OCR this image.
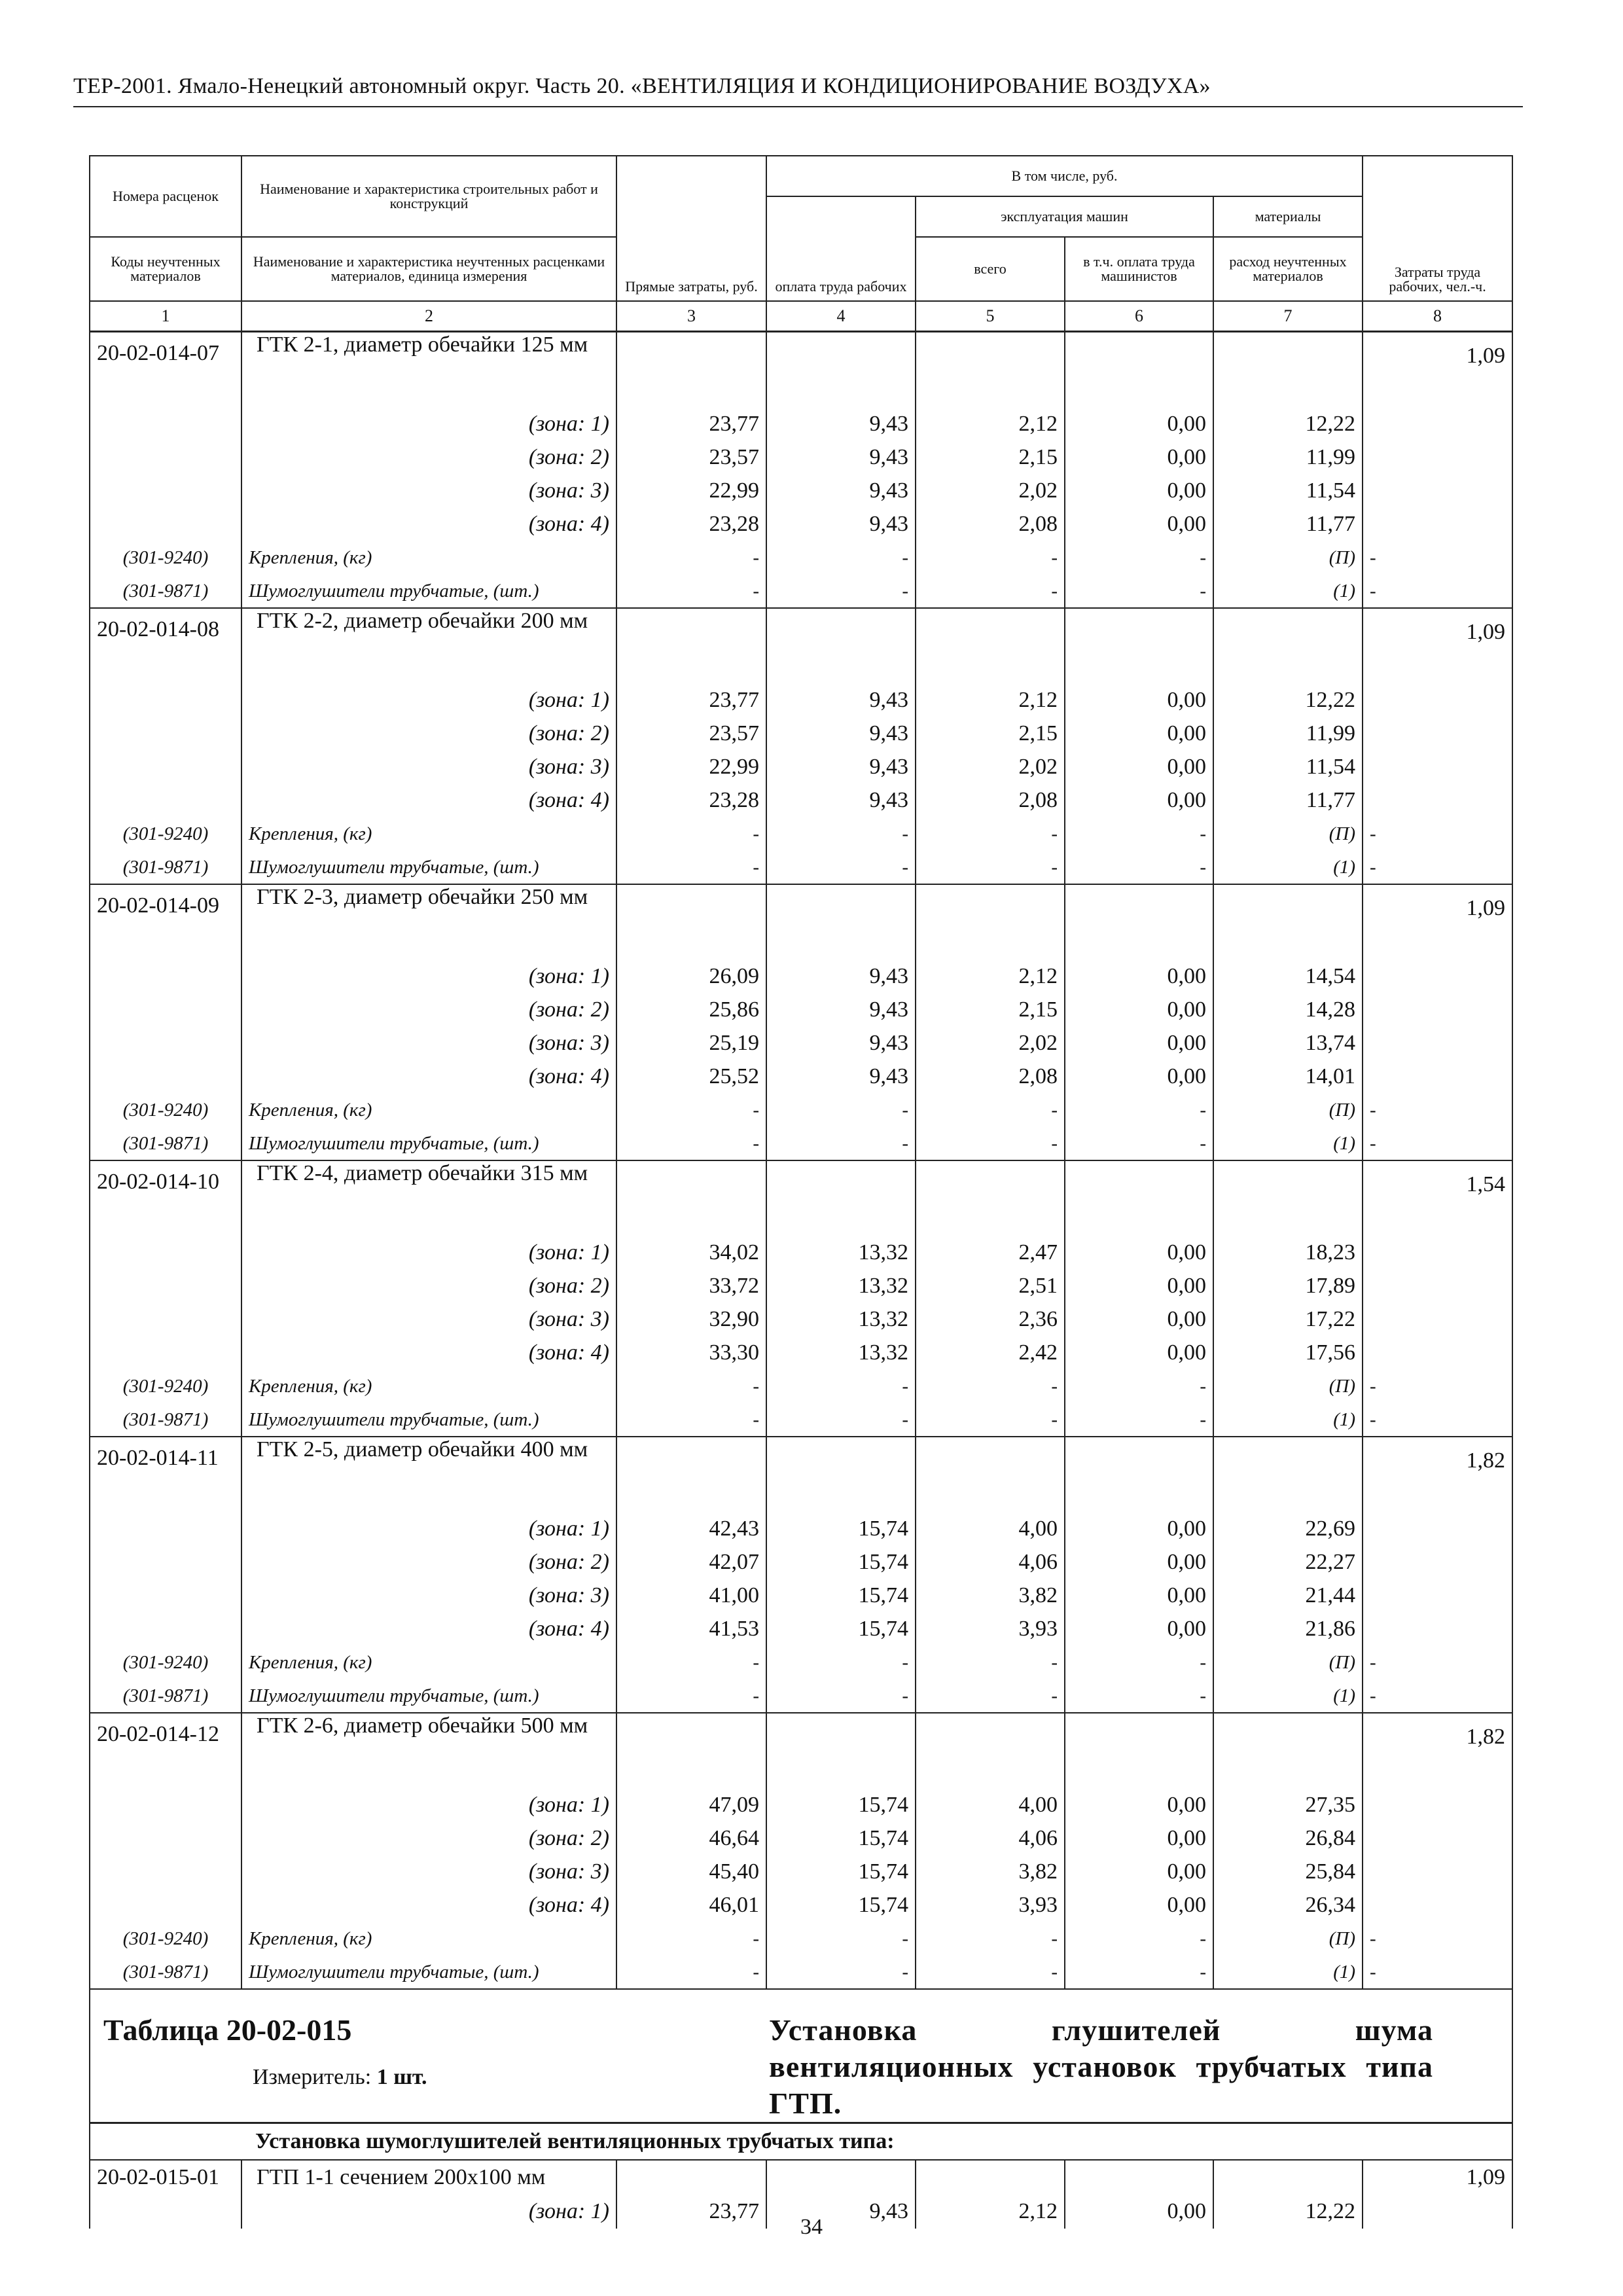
ТЕР-2001. Ямало-Ненецкий автономный округ. Часть 20. «ВЕНТИЛЯЦИЯ И КОНДИЦИОНИРОВАНИЕ ВОЗДУХА»
Номера расценок	Наименование и характеристика строительных работ и конструкций	Прямые затраты, руб.	В том числе, руб.				Затраты труда рабочих, чел.-ч.
			оплата труда рабочих	эксплуатация машин		материалы	
Коды неучтенных материалов	Наименование и характеристика неучтенных расценками материалов, единица измерения			всего	в т.ч. оплата труда машинистов	расход неучтенных материалов	
1	2	3	4	5	6	7	8
20-02-014-07	ГТК 2-1, диаметр обечайки 125 мм						1,09
	(зона: 1)	23,77	9,43	2,12	0,00	12,22	
	(зона: 2)	23,57	9,43	2,15	0,00	11,99	
	(зона: 3)	22,99	9,43	2,02	0,00	11,54	
	(зона: 4)	23,28	9,43	2,08	0,00	11,77	
(301-9240)	Крепления, (кг)	-	-	-	-	(П)	-
(301-9871)	Шумоглушители трубчатые, (шт.)	-	-	-	-	(1)	-
20-02-014-08	ГТК 2-2, диаметр обечайки 200 мм						1,09
	(зона: 1)	23,77	9,43	2,12	0,00	12,22	
	(зона: 2)	23,57	9,43	2,15	0,00	11,99	
	(зона: 3)	22,99	9,43	2,02	0,00	11,54	
	(зона: 4)	23,28	9,43	2,08	0,00	11,77	
(301-9240)	Крепления, (кг)	-	-	-	-	(П)	-
(301-9871)	Шумоглушители трубчатые, (шт.)	-	-	-	-	(1)	-
20-02-014-09	ГТК 2-3, диаметр обечайки 250 мм						1,09
	(зона: 1)	26,09	9,43	2,12	0,00	14,54	
	(зона: 2)	25,86	9,43	2,15	0,00	14,28	
	(зона: 3)	25,19	9,43	2,02	0,00	13,74	
	(зона: 4)	25,52	9,43	2,08	0,00	14,01	
(301-9240)	Крепления, (кг)	-	-	-	-	(П)	-
(301-9871)	Шумоглушители трубчатые, (шт.)	-	-	-	-	(1)	-
20-02-014-10	ГТК 2-4, диаметр обечайки 315 мм						1,54
	(зона: 1)	34,02	13,32	2,47	0,00	18,23	
	(зона: 2)	33,72	13,32	2,51	0,00	17,89	
	(зона: 3)	32,90	13,32	2,36	0,00	17,22	
	(зона: 4)	33,30	13,32	2,42	0,00	17,56	
(301-9240)	Крепления, (кг)	-	-	-	-	(П)	-
(301-9871)	Шумоглушители трубчатые, (шт.)	-	-	-	-	(1)	-
20-02-014-11	ГТК 2-5, диаметр обечайки 400 мм						1,82
	(зона: 1)	42,43	15,74	4,00	0,00	22,69	
	(зона: 2)	42,07	15,74	4,06	0,00	22,27	
	(зона: 3)	41,00	15,74	3,82	0,00	21,44	
	(зона: 4)	41,53	15,74	3,93	0,00	21,86	
(301-9240)	Крепления, (кг)	-	-	-	-	(П)	-
(301-9871)	Шумоглушители трубчатые, (шт.)	-	-	-	-	(1)	-
20-02-014-12	ГТК 2-6, диаметр обечайки 500 мм						1,82
	(зона: 1)	47,09	15,74	4,00	0,00	27,35	
	(зона: 2)	46,64	15,74	4,06	0,00	26,84	
	(зона: 3)	45,40	15,74	3,82	0,00	25,84	
	(зона: 4)	46,01	15,74	3,93	0,00	26,34	
(301-9240)	Крепления, (кг)	-	-	-	-	(П)	-
(301-9871)	Шумоглушители трубчатые, (шт.)	-	-	-	-	(1)	-

Таблица 20-02-015
Измеритель: 1 шт.			Установка глушителей шума вентиляционных установок трубчатых типа ГТП.				

Установка шумоглушителей вентиляционных трубчатых типа:							
20-02-015-01	ГТП 1-1 сечением 200х100 мм						1,09
	(зона: 1)	23,77	9,43	2,12	0,00	12,22	
34
